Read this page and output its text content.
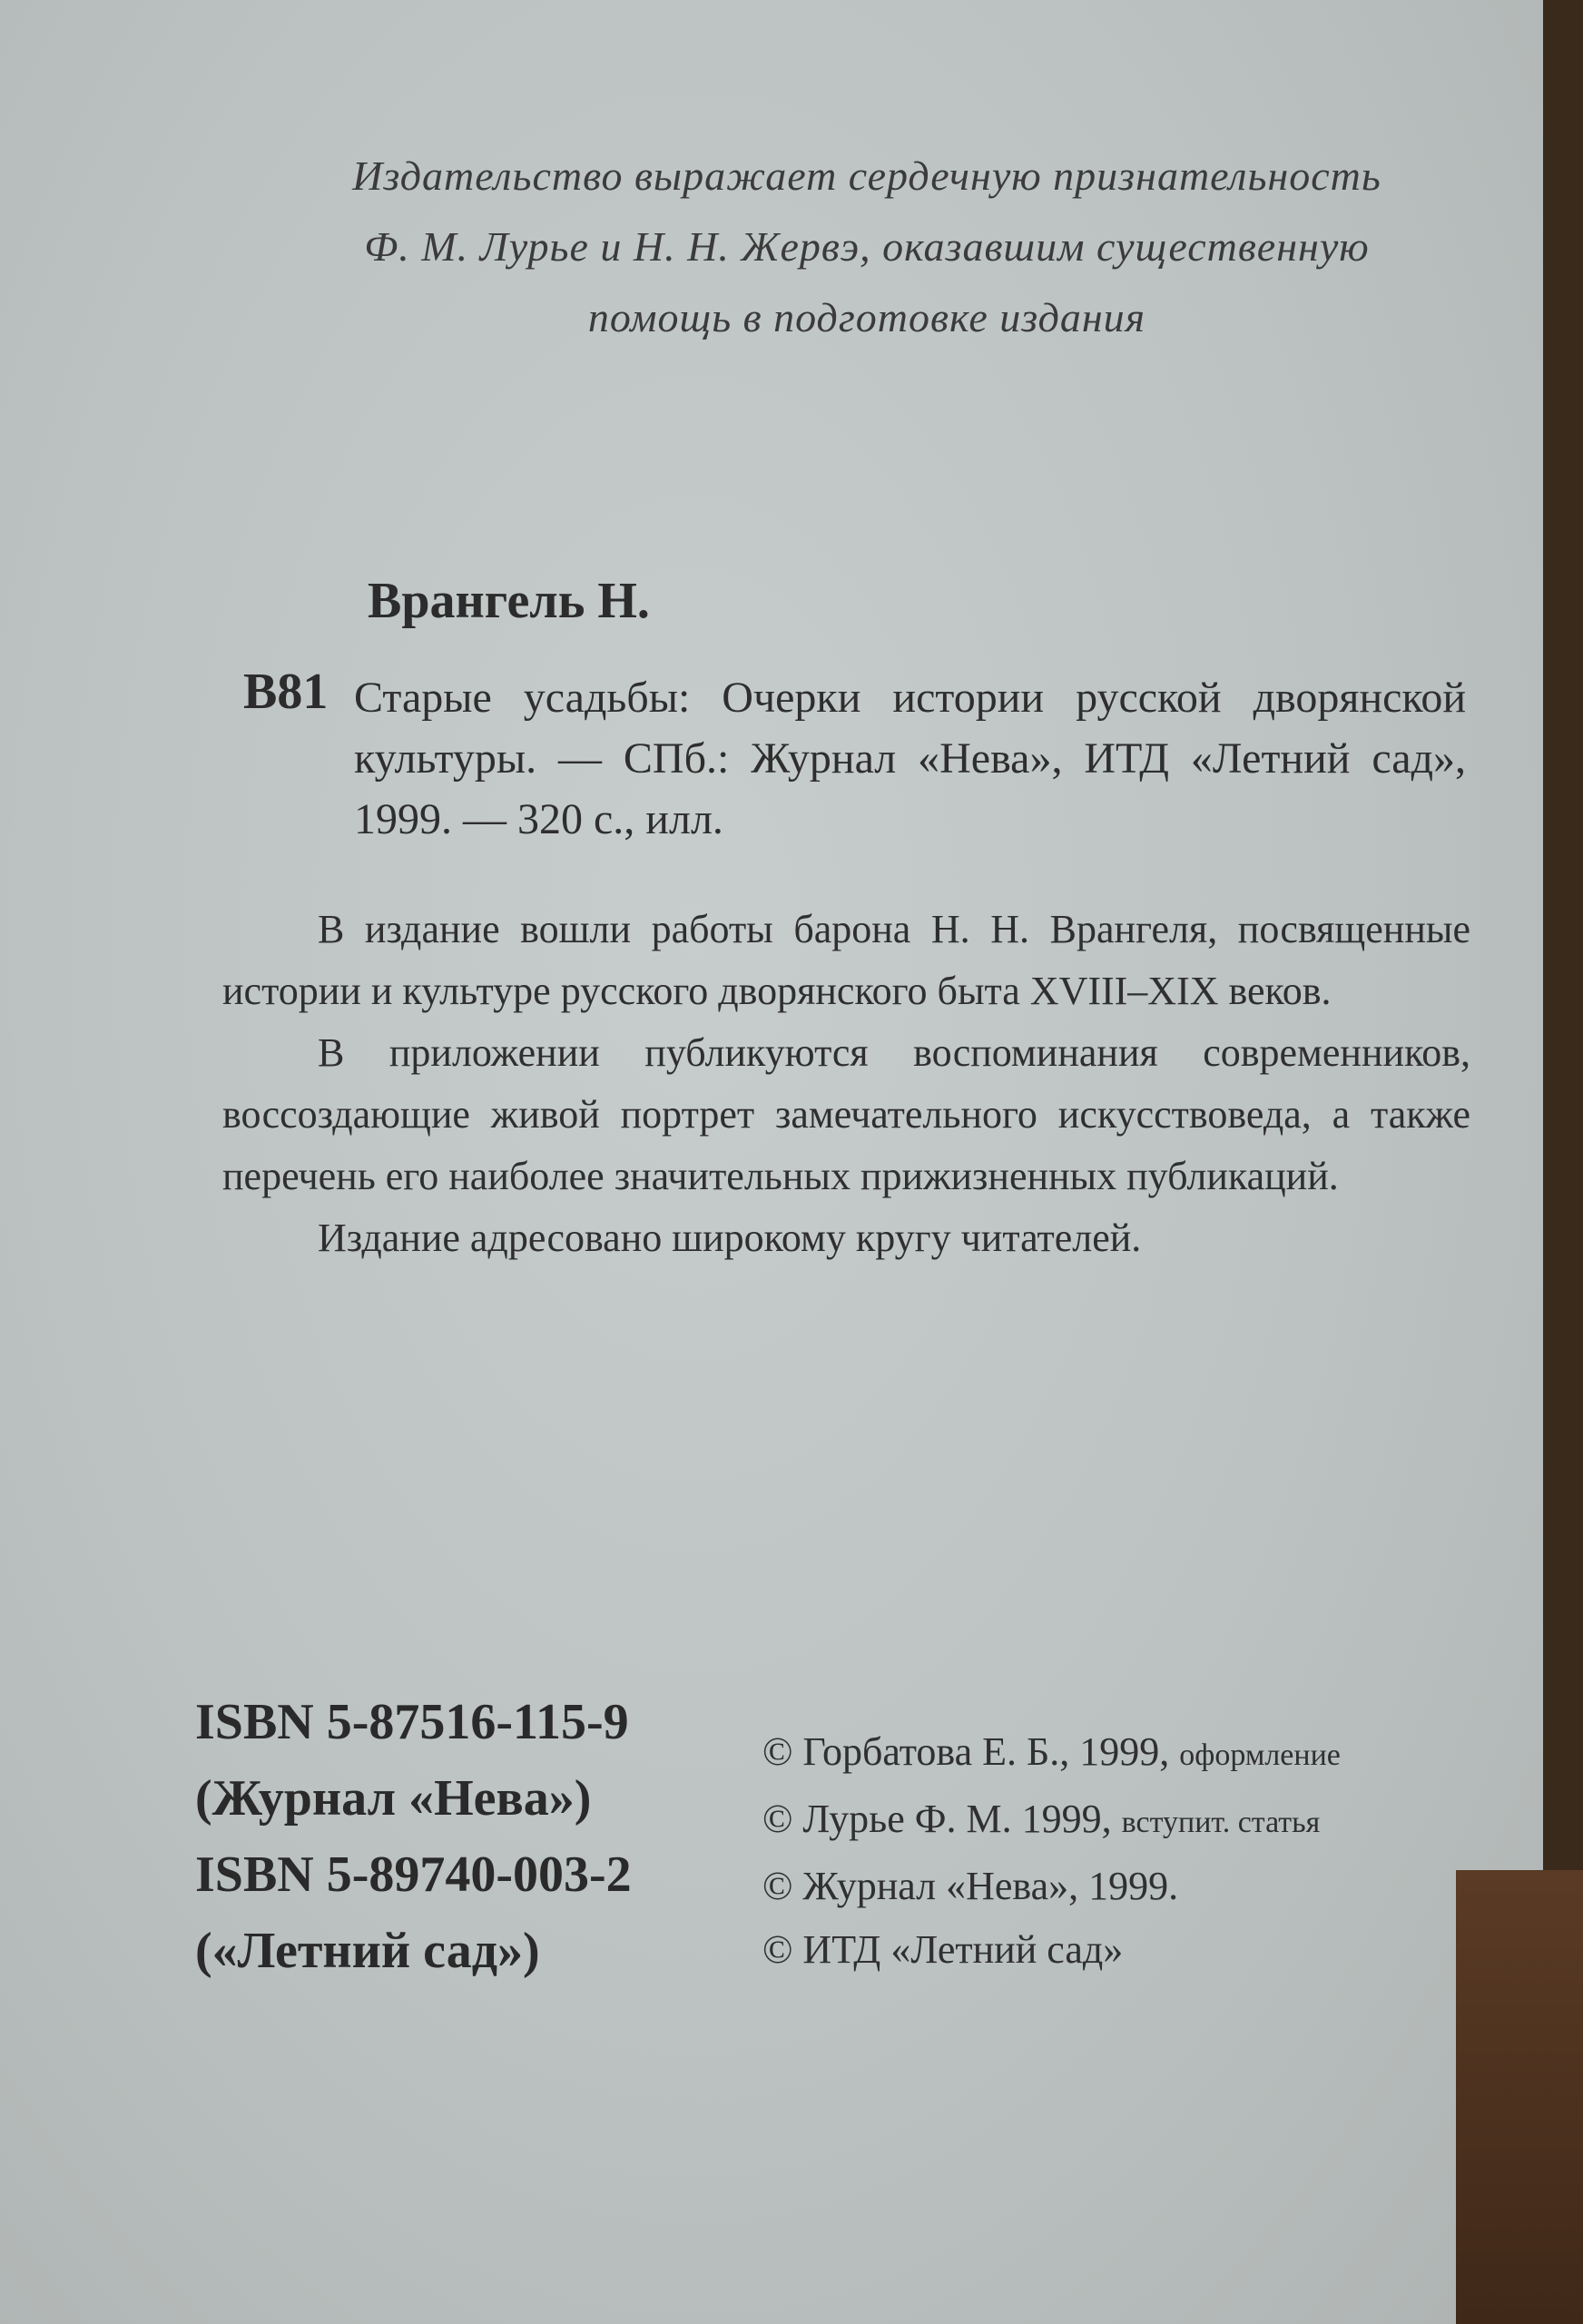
Издательство выражает сердечную признательность
Ф. М. Лурье и Н. Н. Жервэ, оказавшим существенную
помощь в подготовке издания
Врангель Н.
В81 Старые усадьбы: Очерки истории русской дворянской культуры. — СПб.: Журнал «Нева», ИТД «Летний сад», 1999. — 320 с., илл.

В издание вошли работы барона Н. Н. Врангеля, посвященные истории и культуре русского дворянского быта XVIII–XIX веков.

В приложении публикуются воспоминания современников, воссоздающие живой портрет замечательного искусствоведа, а также перечень его наиболее значительных прижизненных публикаций.

Издание адресовано широкому кругу читателей.

ISBN 5-87516-115-9
(Журнал «Нева»)
ISBN 5-89740-003-2
(«Летний сад»)
© Горбатова Е. Б., 1999, оформление
© Лурье Ф. М. 1999, вступит. статья
© Журнал «Нева», 1999.
© ИТД «Летний сад»
